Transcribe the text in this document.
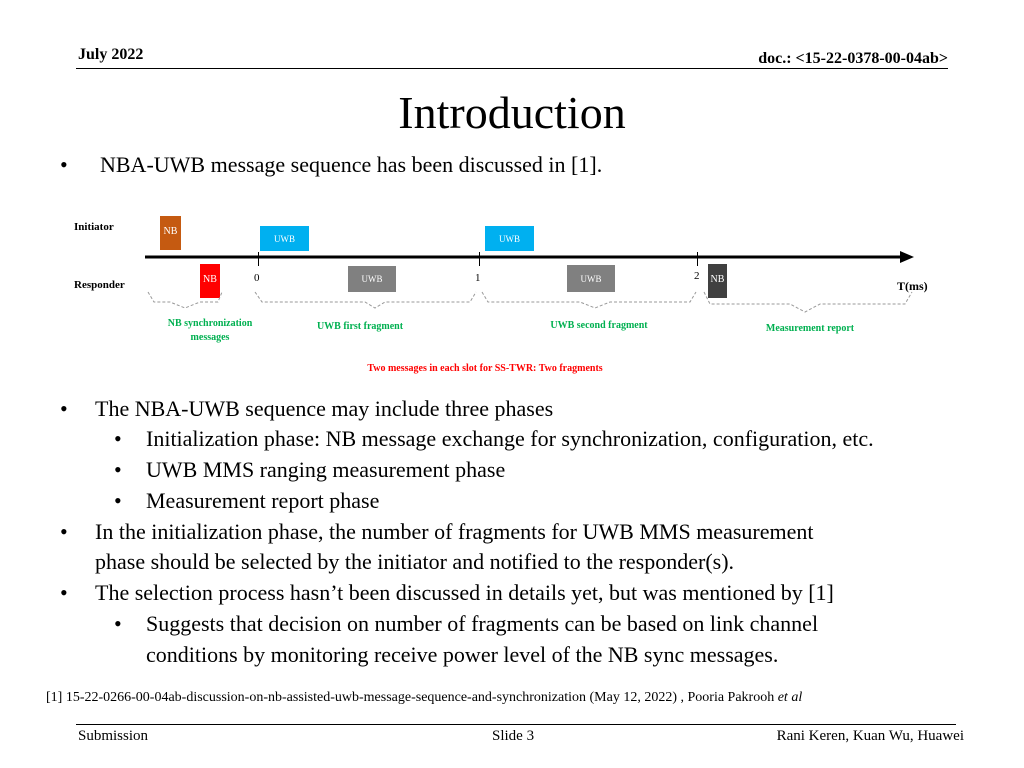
July 2022	doc.: <15-22-0378-00-04ab>
Introduction
• NBA-UWB message sequence has been discussed in [1].
Initiator
Responder
0	1	2
T(ms)
NB
UWB	UWB
NB	UWB	UWB	NB
NB synchronization messages
UWB first fragment	UWB second fragment	Measurement report
Two messages in each slot for SS-TWR: Two fragments
• The NBA-UWB sequence may include three phases
• Initialization phase: NB message exchange for synchronization, configuration, etc.
• UWB MMS ranging measurement phase
• Measurement report phase
• In the initialization phase, the number of fragments for UWB MMS measurement
phase should be selected by the initiator and notified to the responder(s).
• The selection process hasn’t been discussed in details yet, but was mentioned by [1]
• Suggests that decision on number of fragments can be based on link channel
conditions by monitoring receive power level of the NB sync messages.
[1] 15-22-0266-00-04ab-discussion-on-nb-assisted-uwb-message-sequence-and-synchronization (May 12, 2022) , Pooria Pakrooh et al
Submission	Slide 3	Rani Keren, Kuan Wu, Huawei
